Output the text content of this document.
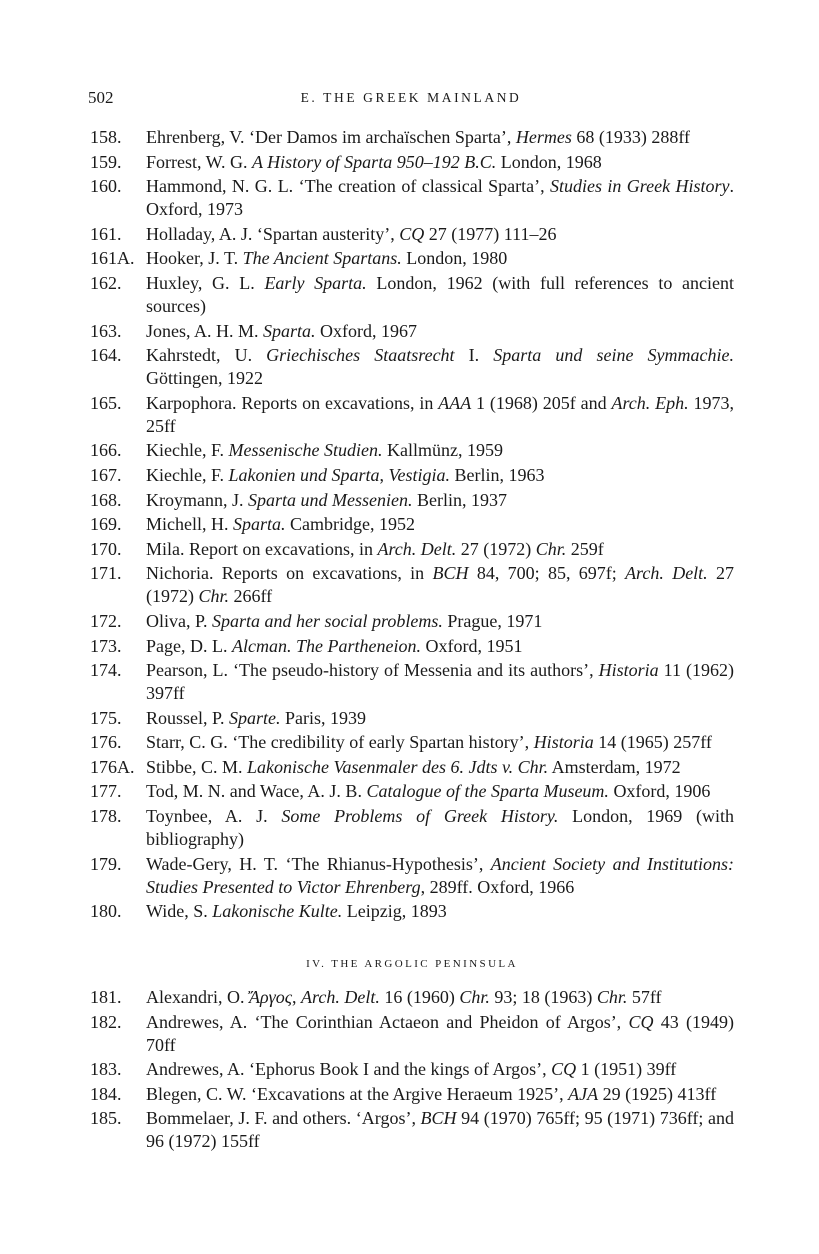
502	E. THE GREEK MAINLAND
158. Ehrenberg, V. ‘Der Damos im archaïschen Sparta’, Hermes 68 (1933) 288ff
159. Forrest, W. G. A History of Sparta 950–192 B.C. London, 1968
160. Hammond, N. G. L. ‘The creation of classical Sparta’, Studies in Greek History. Oxford, 1973
161. Holladay, A. J. ‘Spartan austerity’, CQ 27 (1977) 111–26
161A. Hooker, J. T. The Ancient Spartans. London, 1980
162. Huxley, G. L. Early Sparta. London, 1962 (with full references to ancient sources)
163. Jones, A. H. M. Sparta. Oxford, 1967
164. Kahrstedt, U. Griechisches Staatsrecht I. Sparta und seine Symmachie. Göttingen, 1922
165. Karpophora. Reports on excavations, in AAA 1 (1968) 205f and Arch. Eph. 1973, 25ff
166. Kiechle, F. Messenische Studien. Kallmünz, 1959
167. Kiechle, F. Lakonien und Sparta, Vestigia. Berlin, 1963
168. Kroymann, J. Sparta und Messenien. Berlin, 1937
169. Michell, H. Sparta. Cambridge, 1952
170. Mila. Report on excavations, in Arch. Delt. 27 (1972) Chr. 259f
171. Nichoria. Reports on excavations, in BCH 84, 700; 85, 697f; Arch. Delt. 27 (1972) Chr. 266ff
172. Oliva, P. Sparta and her social problems. Prague, 1971
173. Page, D. L. Alcman. The Partheneion. Oxford, 1951
174. Pearson, L. ‘The pseudo-history of Messenia and its authors’, Historia 11 (1962) 397ff
175. Roussel, P. Sparte. Paris, 1939
176. Starr, C. G. ‘The credibility of early Spartan history’, Historia 14 (1965) 257ff
176A. Stibbe, C. M. Lakonische Vasenmaler des 6. Jdts v. Chr. Amsterdam, 1972
177. Tod, M. N. and Wace, A. J. B. Catalogue of the Sparta Museum. Oxford, 1906
178. Toynbee, A. J. Some Problems of Greek History. London, 1969 (with bibliography)
179. Wade-Gery, H. T. ‘The Rhianus-Hypothesis’, Ancient Society and Institutions: Studies Presented to Victor Ehrenberg, 289ff. Oxford, 1966
180. Wide, S. Lakonische Kulte. Leipzig, 1893
IV. THE ARGOLIC PENINSULA
181. Alexandri, O. Ἄργος, Arch. Delt. 16 (1960) Chr. 93; 18 (1963) Chr. 57ff
182. Andrewes, A. ‘The Corinthian Actaeon and Pheidon of Argos’, CQ 43 (1949) 70ff
183. Andrewes, A. ‘Ephorus Book I and the kings of Argos’, CQ 1 (1951) 39ff
184. Blegen, C. W. ‘Excavations at the Argive Heraeum 1925’, AJA 29 (1925) 413ff
185. Bommelaer, J. F. and others. ‘Argos’, BCH 94 (1970) 765ff; 95 (1971) 736ff; and 96 (1972) 155ff
